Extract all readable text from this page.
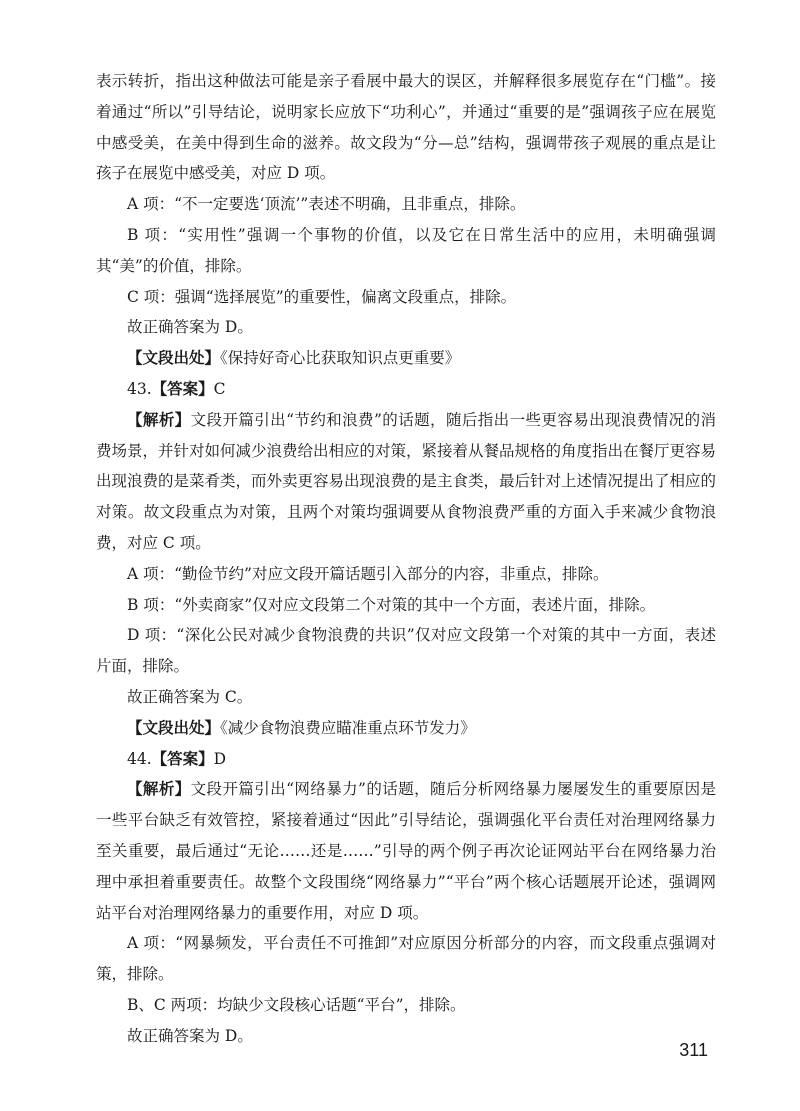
表示转折，指出这种做法可能是亲子看展中最大的误区，并解释很多展览存在“门槛”。接着通过“所以”引导结论，说明家长应放下“功利心”，并通过“重要的是”强调孩子应在展览中感受美，在美中得到生命的滋养。故文段为“分—总”结构，强调带孩子观展的重点是让孩子在展览中感受美，对应 D 项。

A 项：“不一定要选‘顶流’”表述不明确，且非重点，排除。

B 项：“实用性”强调一个事物的价值，以及它在日常生活中的应用，未明确强调其“美”的价值，排除。

C 项：强调“选择展览”的重要性，偏离文段重点，排除。

故正确答案为 D。

【文段出处】《保持好奇心比获取知识点更重要》

43.【答案】C

【解析】文段开篇引出“节约和浪费”的话题，随后指出一些更容易出现浪费情况的消费场景，并针对如何减少浪费给出相应的对策，紧接着从餐品规格的角度指出在餐厅更容易出现浪费的是菜肴类，而外卖更容易出现浪费的是主食类，最后针对上述情况提出了相应的对策。故文段重点为对策，且两个对策均强调要从食物浪费严重的方面入手来减少食物浪费，对应 C 项。

A 项：“勤俭节约”对应文段开篇话题引入部分的内容，非重点，排除。

B 项：“外卖商家”仅对应文段第二个对策的其中一个方面，表述片面，排除。

D 项：“深化公民对减少食物浪费的共识”仅对应文段第一个对策的其中一方面，表述片面，排除。

故正确答案为 C。

【文段出处】《减少食物浪费应瞄准重点环节发力》

44.【答案】D

【解析】文段开篇引出“网络暴力”的话题，随后分析网络暴力屡屡发生的重要原因是一些平台缺乏有效管控，紧接着通过“因此”引导结论，强调强化平台责任对治理网络暴力至关重要，最后通过“无论……还是……”引导的两个例子再次论证网站平台在网络暴力治理中承担着重要责任。故整个文段围绕“网络暴力”“平台”两个核心话题展开论述，强调网站平台对治理网络暴力的重要作用，对应 D 项。

A 项：“网暴频发，平台责任不可推卸”对应原因分析部分的内容，而文段重点强调对策，排除。

B、C 两项：均缺少文段核心话题“平台”，排除。

故正确答案为 D。

311
